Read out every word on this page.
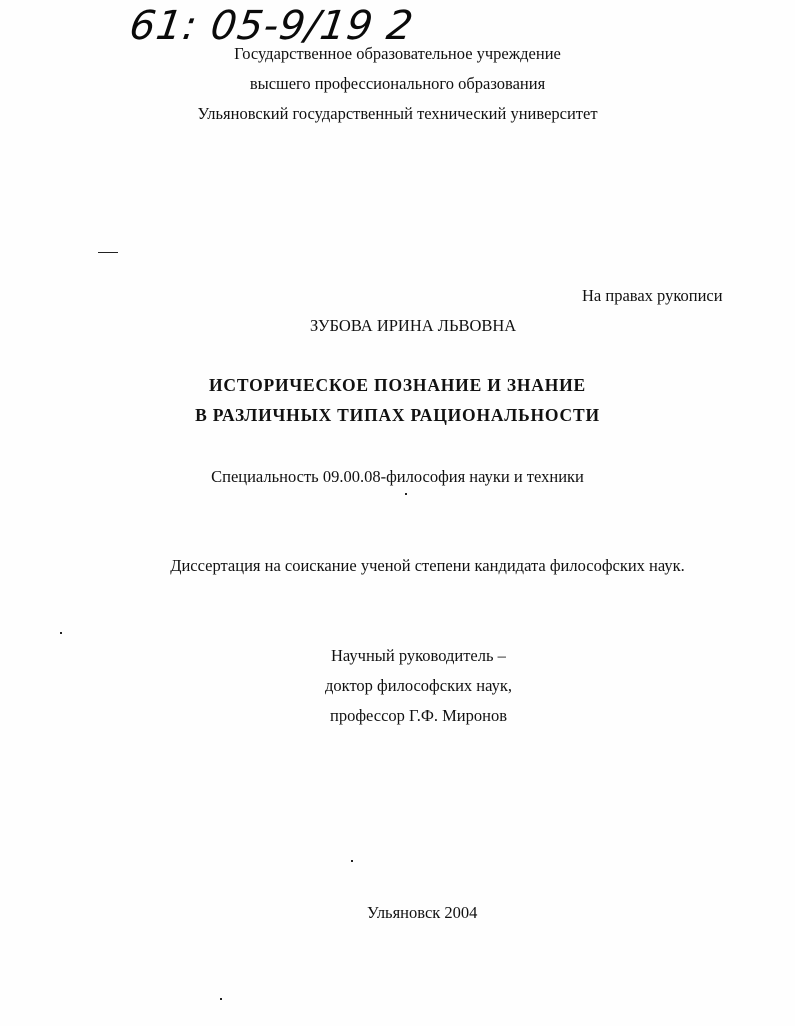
61: 05-9/19 2
Государственное образовательное учреждение
высшего профессионального образования
Ульяновский государственный технический университет
На правах рукописи
ЗУБОВА ИРИНА ЛЬВОВНА
ИСТОРИЧЕСКОЕ ПОЗНАНИЕ И ЗНАНИЕ
В РАЗЛИЧНЫХ ТИПАХ РАЦИОНАЛЬНОСТИ
Специальность 09.00.08-философия науки и техники
Диссертация на соискание ученой степени кандидата философских наук.
Научный руководитель –
доктор философских наук,
профессор Г.Ф. Миронов
Ульяновск 2004
